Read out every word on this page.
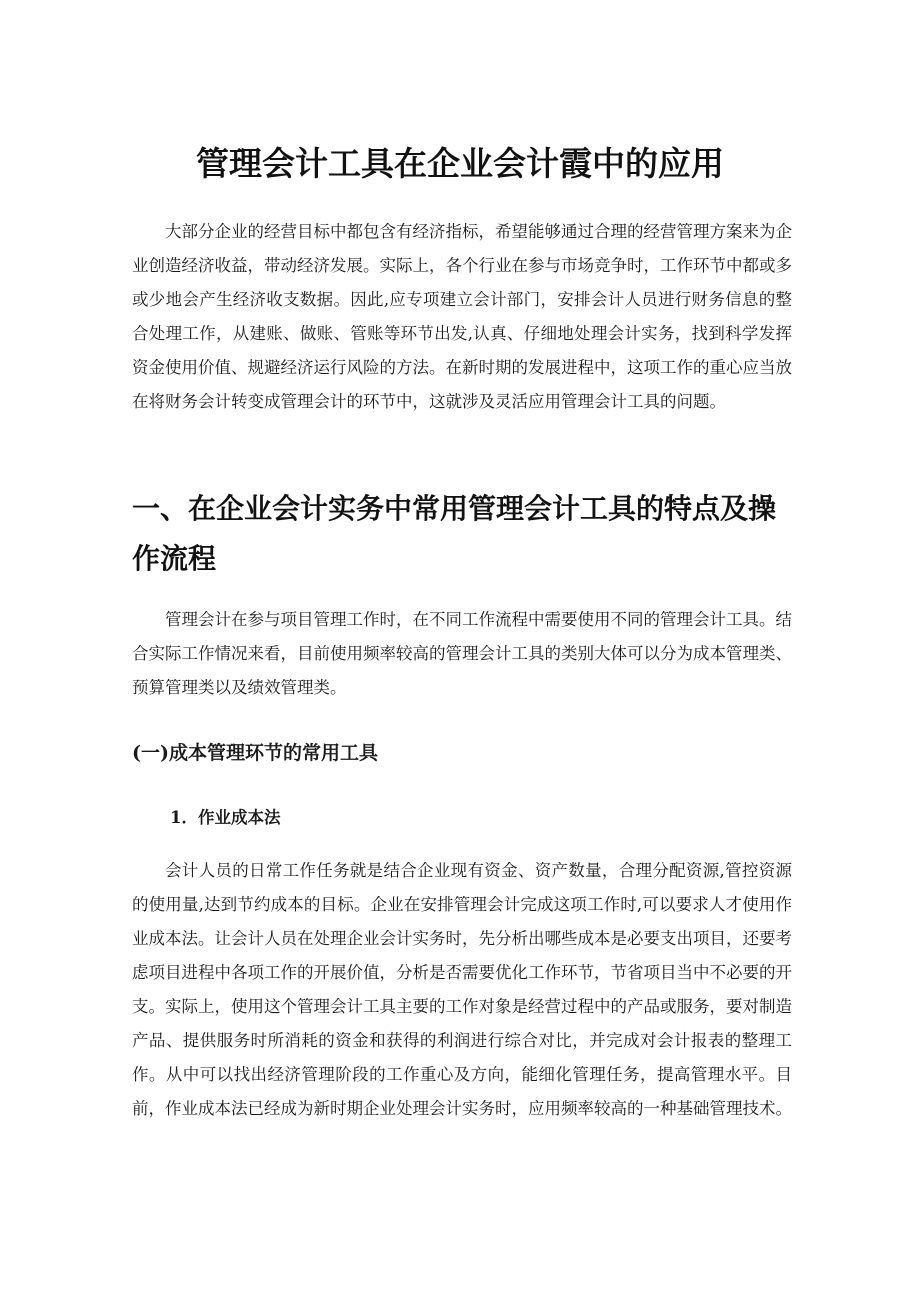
管理会计工具在企业会计霞中的应用

大部分企业的经营目标中都包含有经济指标，希望能够通过合理的经营管理方案来为企业创造经济收益，带动经济发展。实际上，各个行业在参与市场竞争时，工作环节中都或多或少地会产生经济收支数据。因此,应专项建立会计部门，安排会计人员进行财务信息的整合处理工作，从建账、做账、管账等环节出发,认真、仔细地处理会计实务，找到科学发挥资金使用价值、规避经济运行风险的方法。在新时期的发展进程中，这项工作的重心应当放在将财务会计转变成管理会计的环节中，这就涉及灵活应用管理会计工具的问题。

一、在企业会计实务中常用管理会计工具的特点及操作流程

管理会计在参与项目管理工作时，在不同工作流程中需要使用不同的管理会计工具。结合实际工作情况来看，目前使用频率较高的管理会计工具的类别大体可以分为成本管理类、预算管理类以及绩效管理类。

(一)成本管理环节的常用工具
1．作业成本法

会计人员的日常工作任务就是结合企业现有资金、资产数量，合理分配资源,管控资源的使用量,达到节约成本的目标。企业在安排管理会计完成这项工作时,可以要求人才使用作业成本法。让会计人员在处理企业会计实务时，先分析出哪些成本是必要支出项目，还要考虑项目进程中各项工作的开展价值，分析是否需要优化工作环节，节省项目当中不必要的开支。实际上，使用这个管理会计工具主要的工作对象是经营过程中的产品或服务，要对制造产品、提供服务时所消耗的资金和获得的利润进行综合对比，并完成对会计报表的整理工作。从中可以找出经济管理阶段的工作重心及方向，能细化管理任务，提高管理水平。目前，作业成本法已经成为新时期企业处理会计实务时，应用频率较高的一种基础管理技术。
